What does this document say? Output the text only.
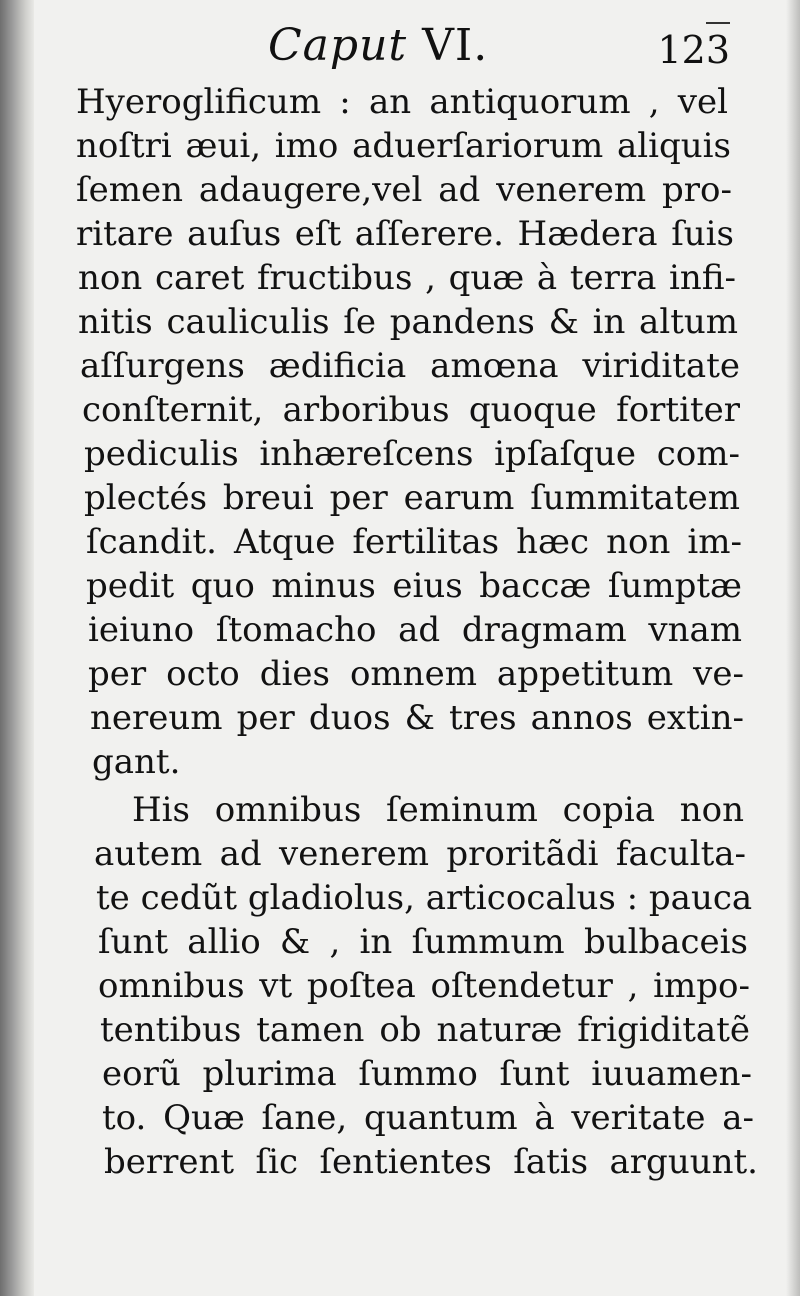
Caput VI.	123
Hyeroglificum : an antiquorum , vel
noſtri æui, imo aduerſariorum aliquis
ſemen adaugere,vel ad venerem pro-
ritare auſus eſt aſſerere. Hædera ſuis
non caret fructibus , quæ à terra infi-
nitis cauliculis ſe pandens & in altum
aſſurgens ædificia amœna viriditate
conſternit, arboribus quoque fortiter
pediculis inhæreſcens ipſaſque com-
plectés breui per earum ſummitatem
ſcandit. Atque fertilitas hæc non im-
pedit quo minus eius baccæ ſumptæ
ieiuno ſtomacho ad dragmam vnam
per octo dies omnem appetitum ve-
nereum per duos & tres annos extin-
gant.
His omnibus ſeminum copia non
autem ad venerem proritãdi faculta-
te cedũt gladiolus, articocalus : pauca
ſunt allio & , in ſummum bulbaceis
omnibus vt poſtea oſtendetur , impo-
tentibus tamen ob naturæ frigiditatẽ
eorũ plurima ſummo ſunt iuuamen-
to. Quæ ſane, quantum à veritate a-
berrent ſic ſentientes ſatis arguunt.
